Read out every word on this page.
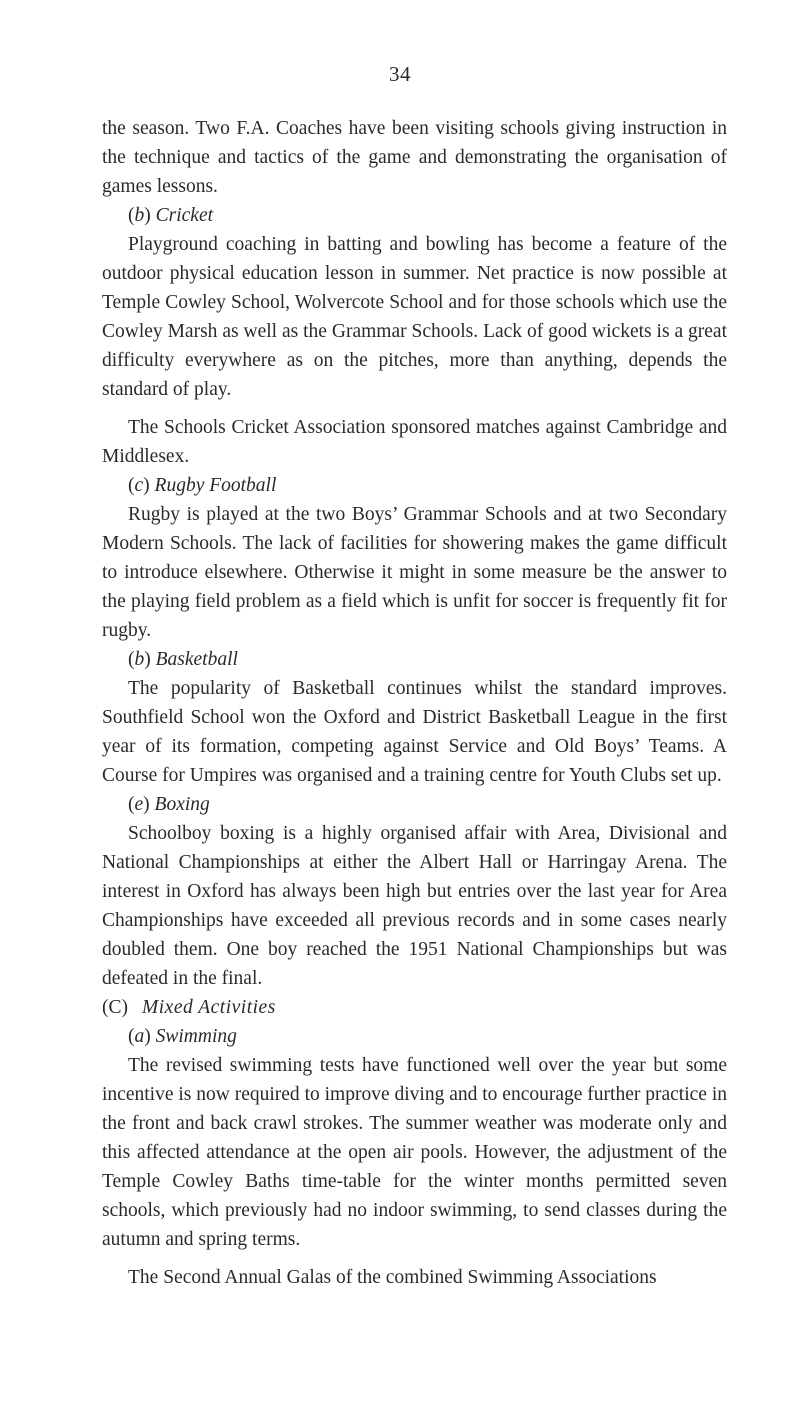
34

the season. Two F.A. Coaches have been visiting schools giving instruction in the technique and tactics of the game and demonstrating the organisation of games lessons.

(b) Cricket

Playground coaching in batting and bowling has become a feature of the outdoor physical education lesson in summer. Net practice is now possible at Temple Cowley School, Wolvercote School and for those schools which use the Cowley Marsh as well as the Grammar Schools. Lack of good wickets is a great difficulty everywhere as on the pitches, more than anything, depends the standard of play.

The Schools Cricket Association sponsored matches against Cambridge and Middlesex.

(c) Rugby Football

Rugby is played at the two Boys’ Grammar Schools and at two Secondary Modern Schools. The lack of facilities for showering makes the game difficult to introduce elsewhere. Otherwise it might in some measure be the answer to the playing field problem as a field which is unfit for soccer is frequently fit for rugby.

(b) Basketball

The popularity of Basketball continues whilst the standard improves. Southfield School won the Oxford and District Basketball League in the first year of its formation, competing against Service and Old Boys’ Teams. A Course for Umpires was organised and a training centre for Youth Clubs set up.

(e) Boxing

Schoolboy boxing is a highly organised affair with Area, Divisional and National Championships at either the Albert Hall or Harringay Arena. The interest in Oxford has always been high but entries over the last year for Area Championships have exceeded all previous records and in some cases nearly doubled them. One boy reached the 1951 National Championships but was defeated in the final.

(C) Mixed Activities
(a) Swimming

The revised swimming tests have functioned well over the year but some incentive is now required to improve diving and to encourage further practice in the front and back crawl strokes. The summer weather was moderate only and this affected attendance at the open air pools. However, the adjustment of the Temple Cowley Baths time-table for the winter months permitted seven schools, which previously had no indoor swimming, to send classes during the autumn and spring terms.

The Second Annual Galas of the combined Swimming Associations
